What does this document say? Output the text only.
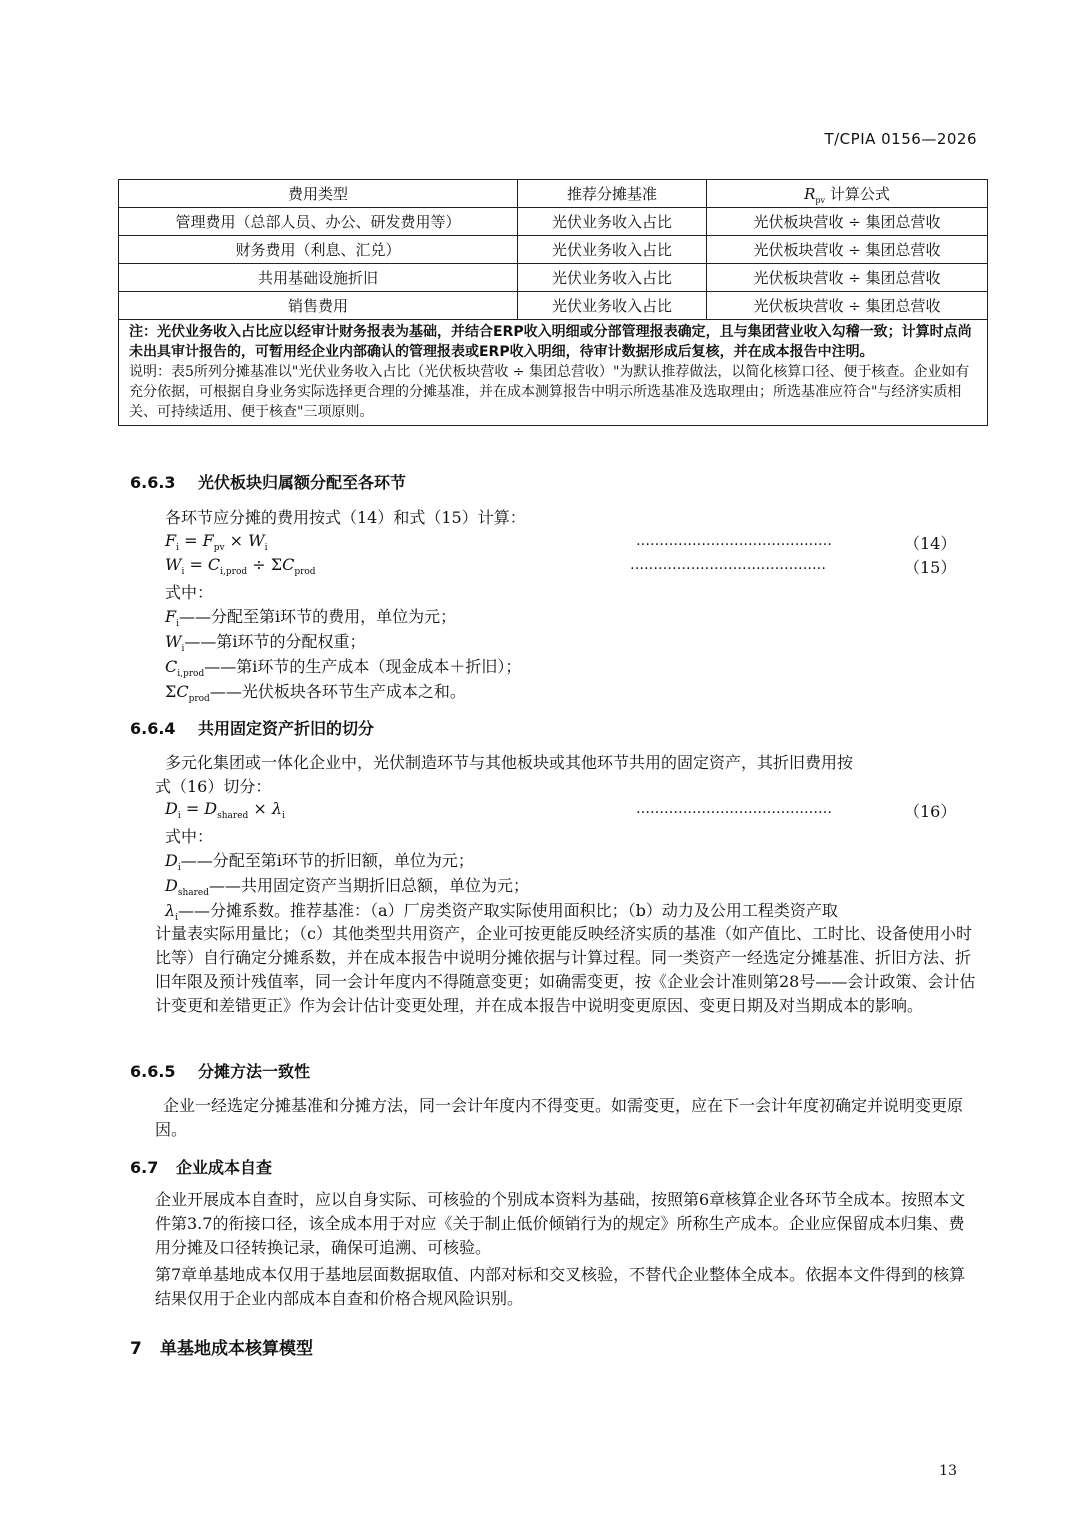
T/CPIA 0156—2026
费用类型	推荐分摊基准	$R_{pv}$ 计算公式
管理费用（总部人员、办公、研发费用等）	光伏业务收入占比	光伏板块营收 ÷ 集团总营收
财务费用（利息、汇兑）	光伏业务收入占比	光伏板块营收 ÷ 集团总营收
共用基础设施折旧	光伏业务收入占比	光伏板块营收 ÷ 集团总营收
销售费用	光伏业务收入占比	光伏板块营收 ÷ 集团总营收

注：光伏业务收入占比应以经审计财务报表为基础，并结合ERP收入明细或分部管理报表确定，且与集团营业收入勾稽一致；计算时点尚未出具审计报告的，可暂用经企业内部确认的管理报表或ERP收入明细，待审计数据形成后复核，并在成本报告中注明。
说明：表5所列分摊基准以"光伏业务收入占比（光伏板块营收 ÷ 集团总营收）"为默认推荐做法，以简化核算口径、便于核查。企业如有充分依据，可根据自身业务实际选择更合理的分摊基准，并在成本测算报告中明示所选基准及选取理由；所选基准应符合"与经济实质相关、可持续适用、便于核查"三项原则。		
6.6.3 光伏板块归属额分配至各环节
各环节应分摊的费用按式（14）和式（15）计算：
$F_i = F_{pv} \times W_i$	……………………………………	（14）
$W_i = C_{i,prod} \div \Sigma C_{prod}$	……………………………………	（15）
式中：
$F_i——$分配至第i环节的费用，单位为元；
$W_i——$第i环节的分配权重；
$C_{i,prod}——$第i环节的生产成本（现金成本＋折旧）；
$\Sigma C_{prod}——$光伏板块各环节生产成本之和。
6.6.4 共用固定资产折旧的切分
多元化集团或一体化企业中，光伏制造环节与其他板块或其他环节共用的固定资产，其折旧费用按
式（16）切分：
$D_i = D_{shared} \times \lambda_i$	……………………………………	（16）
式中：
$D_i——$分配至第i环节的折旧额，单位为元；
$D_{shared}——$共用固定资产当期折旧总额，单位为元；
$\lambda_i——$分摊系数。推荐基准：（a）厂房类资产取实际使用面积比；（b）动力及公用工程类资产取
计量表实际用量比；（c）其他类型共用资产，企业可按更能反映经济实质的基准（如产值比、工时比、设备使用小时比等）自行确定分摊系数，并在成本报告中说明分摊依据与计算过程。同一类资产一经选定分摊基准、折旧方法、折旧年限及预计残值率，同一会计年度内不得随意变更；如确需变更，按《企业会计准则第28号——会计政策、会计估计变更和差错更正》作为会计估计变更处理，并在成本报告中说明变更原因、变更日期及对当期成本的影响。
6.6.5 分摊方法一致性
企业一经选定分摊基准和分摊方法，同一会计年度内不得变更。如需变更，应在下一会计年度初确定并说明变更原因。
6.7 企业成本自查
企业开展成本自查时，应以自身实际、可核验的个别成本资料为基础，按照第6章核算企业各环节全成本。按照本文件第3.7的衔接口径，该全成本用于对应《关于制止低价倾销行为的规定》所称生产成本。企业应保留成本归集、费用分摊及口径转换记录，确保可追溯、可核验。
第7章单基地成本仅用于基地层面数据取值、内部对标和交叉核验，不替代企业整体全成本。依据本文件得到的核算结果仅用于企业内部成本自查和价格合规风险识别。
7 单基地成本核算模型
13
